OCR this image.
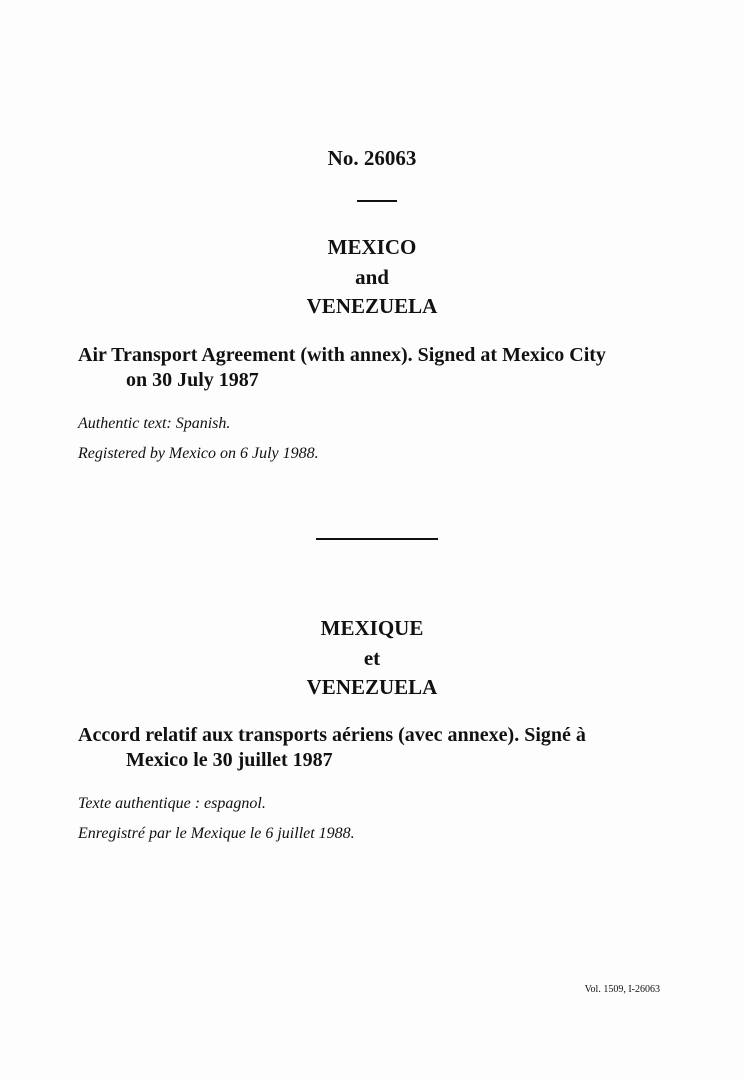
No. 26063

MEXICO

and

VENEZUELA

Air Transport Agreement (with annex). Signed at Mexico City
on 30 July 1987

Authentic text: Spanish.

Registered by Mexico on 6 July 1988.

MEXIQUE

et

VENEZUELA

Accord relatif aux transports aériens (avec annexe). Signé à
Mexico le 30 juillet 1987

Texte authentique : espagnol.

Enregistré par le Mexique le 6 juillet 1988.

Vol. 1509, I-26063
